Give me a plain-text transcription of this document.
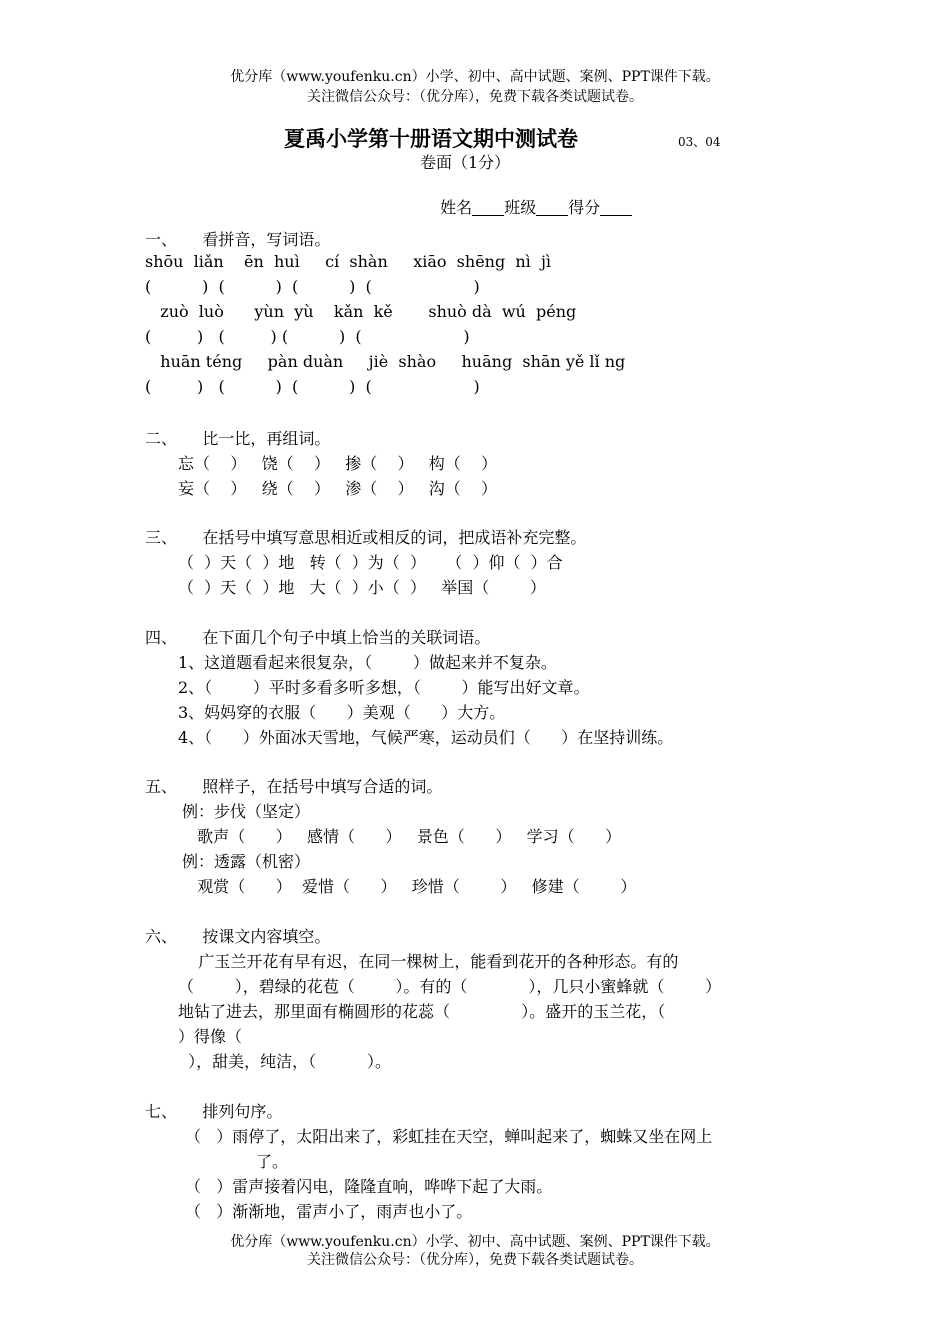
优分库（www.youfenku.cn）小学、初中、高中试题、案例、PPT课件下载。
关注微信公众号：（优分库），免费下载各类试题试卷。
夏禹小学第十册语文期中测试卷	03、04
卷面（1分）

姓名 班级 得分

一、     看拼音，写词语。
shōu  liǎn    ēn  huì     cí  shàn     xiāo  shēng  nì  jì
(          )  (          )  (          )  (                    )
zuò  luò      yùn  yù    kǎn  kě       shuò dà  wú  péng
(         )   (         ) (          )  (                    )
huān téng     pàn duàn     jiè  shào     huāng  shān yě lǐ ng
(         )   (          )  (          )  (                    )
二、     比一比，再组词。
忘（    ）   饶（    ）   掺（    ）   构（    ）
妄（    ）   绕（    ）   渗（    ）   沟（    ）
三、     在括号中填写意思相近或相反的词，把成语补充完整。
（  ）天（  ）地   转（  ）为（  ）    （  ）仰（  ）合
（  ）天（  ）地   大（  ）小（  ）   举国（        ）
四、     在下面几个句子中填上恰当的关联词语。
1、这道题看起来很复杂，（        ）做起来并不复杂。
2、（        ）平时多看多听多想，（        ）能写出好文章。
3、妈妈穿的衣服（      ）美观（      ）大方。
4、（      ）外面冰天雪地，气候严寒，运动员们（      ）在坚持训练。
五、     照样子，在括号中填写合适的词。
例：步伐（坚定）
歌声（      ）   感情（      ）   景色（      ）   学习（      ）
例：透露（机密）
观赏（      ）  爱惜（      ）   珍惜（        ）   修建（        ）
六、     按课文内容填空。
广玉兰开花有早有迟，在同一棵树上，能看到花开的各种形态。有的
（        ），碧绿的花苞（        ）。有的（            ），几只小蜜蜂就（        ）
地钻了进去，那里面有椭圆形的花蕊（              ）。盛开的玉兰花，（
）得像（
），甜美，纯洁，（          ）。
七、     排列句序。
（   ）雨停了，太阳出来了，彩虹挂在天空，蝉叫起来了，蜘蛛又坐在网上
了。
（   ）雷声接着闪电，隆隆直响，哗哗下起了大雨。
（   ）渐渐地，雷声小了，雨声也小了。
优分库（www.youfenku.cn）小学、初中、高中试题、案例、PPT课件下载。
关注微信公众号：（优分库），免费下载各类试题试卷。
